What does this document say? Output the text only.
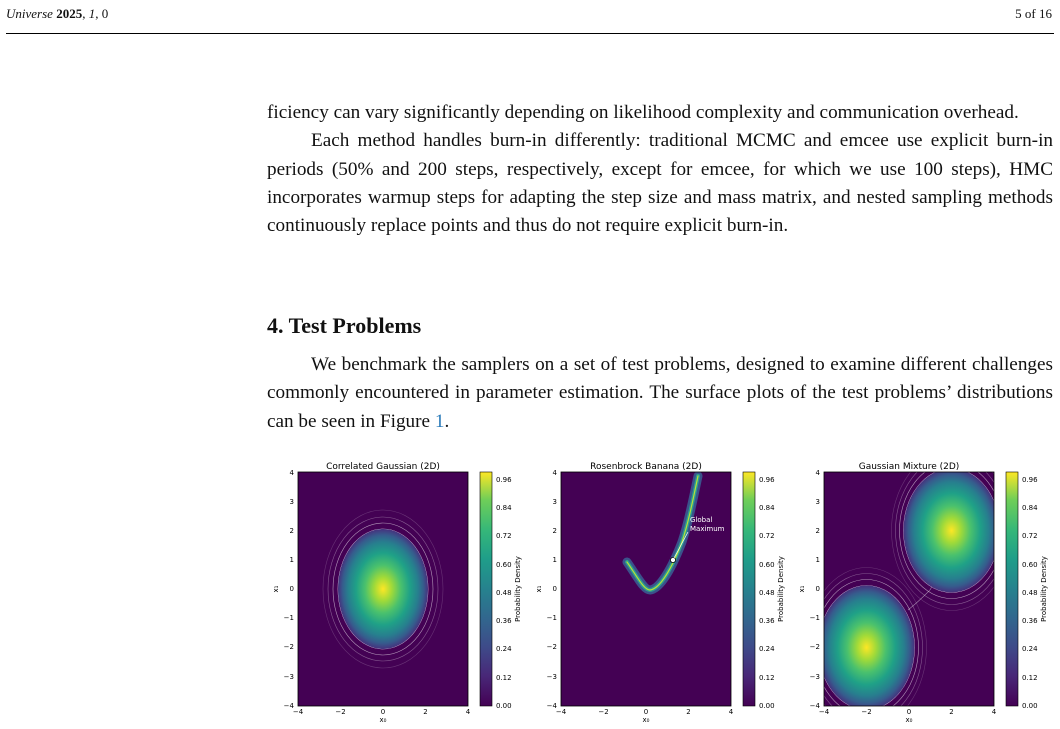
Universe 2025, 1, 0	5 of 16

ficiency can vary significantly depending on likelihood complexity and communication overhead.

Each method handles burn-in differently: traditional MCMC and emcee use explicit burn-in periods (50% and 200 steps, respectively, except for emcee, for which we use 100 steps), HMC incorporates warmup steps for adapting the step size and mass matrix, and nested sampling methods continuously replace points and thus do not require explicit burn-in.

4. Test Problems

We benchmark the samplers on a set of test problems, designed to examine different challenges commonly encountered in parameter estimation. The surface plots of the test problems’ distributions can be seen in Figure 1.

Correlated Gaussian (2D)
−4	−2	0	2	4
x₀
−4
−3
−2
−1
0
1
2
3
4
x₁
0.00
0.12
0.24
0.36
0.48
0.60
0.72
0.84
0.96
Probability Density
Rosenbrock Banana (2D)
Global
Maximum
−4	−2	0	2	4
x₀
−4
−3
−2
−1
0
1
2
3
4
x₁
0.00
0.12
0.24
0.36
0.48
0.60
0.72
0.84
0.96
Probability Density
Gaussian Mixture (2D)
−4	−2	0	2	4
x₀
−4
−3
−2
−1
0
1
2
3
4
x₁
0.00
0.12
0.24
0.36
0.48
0.60
0.72
0.84
0.96
Probability Density
